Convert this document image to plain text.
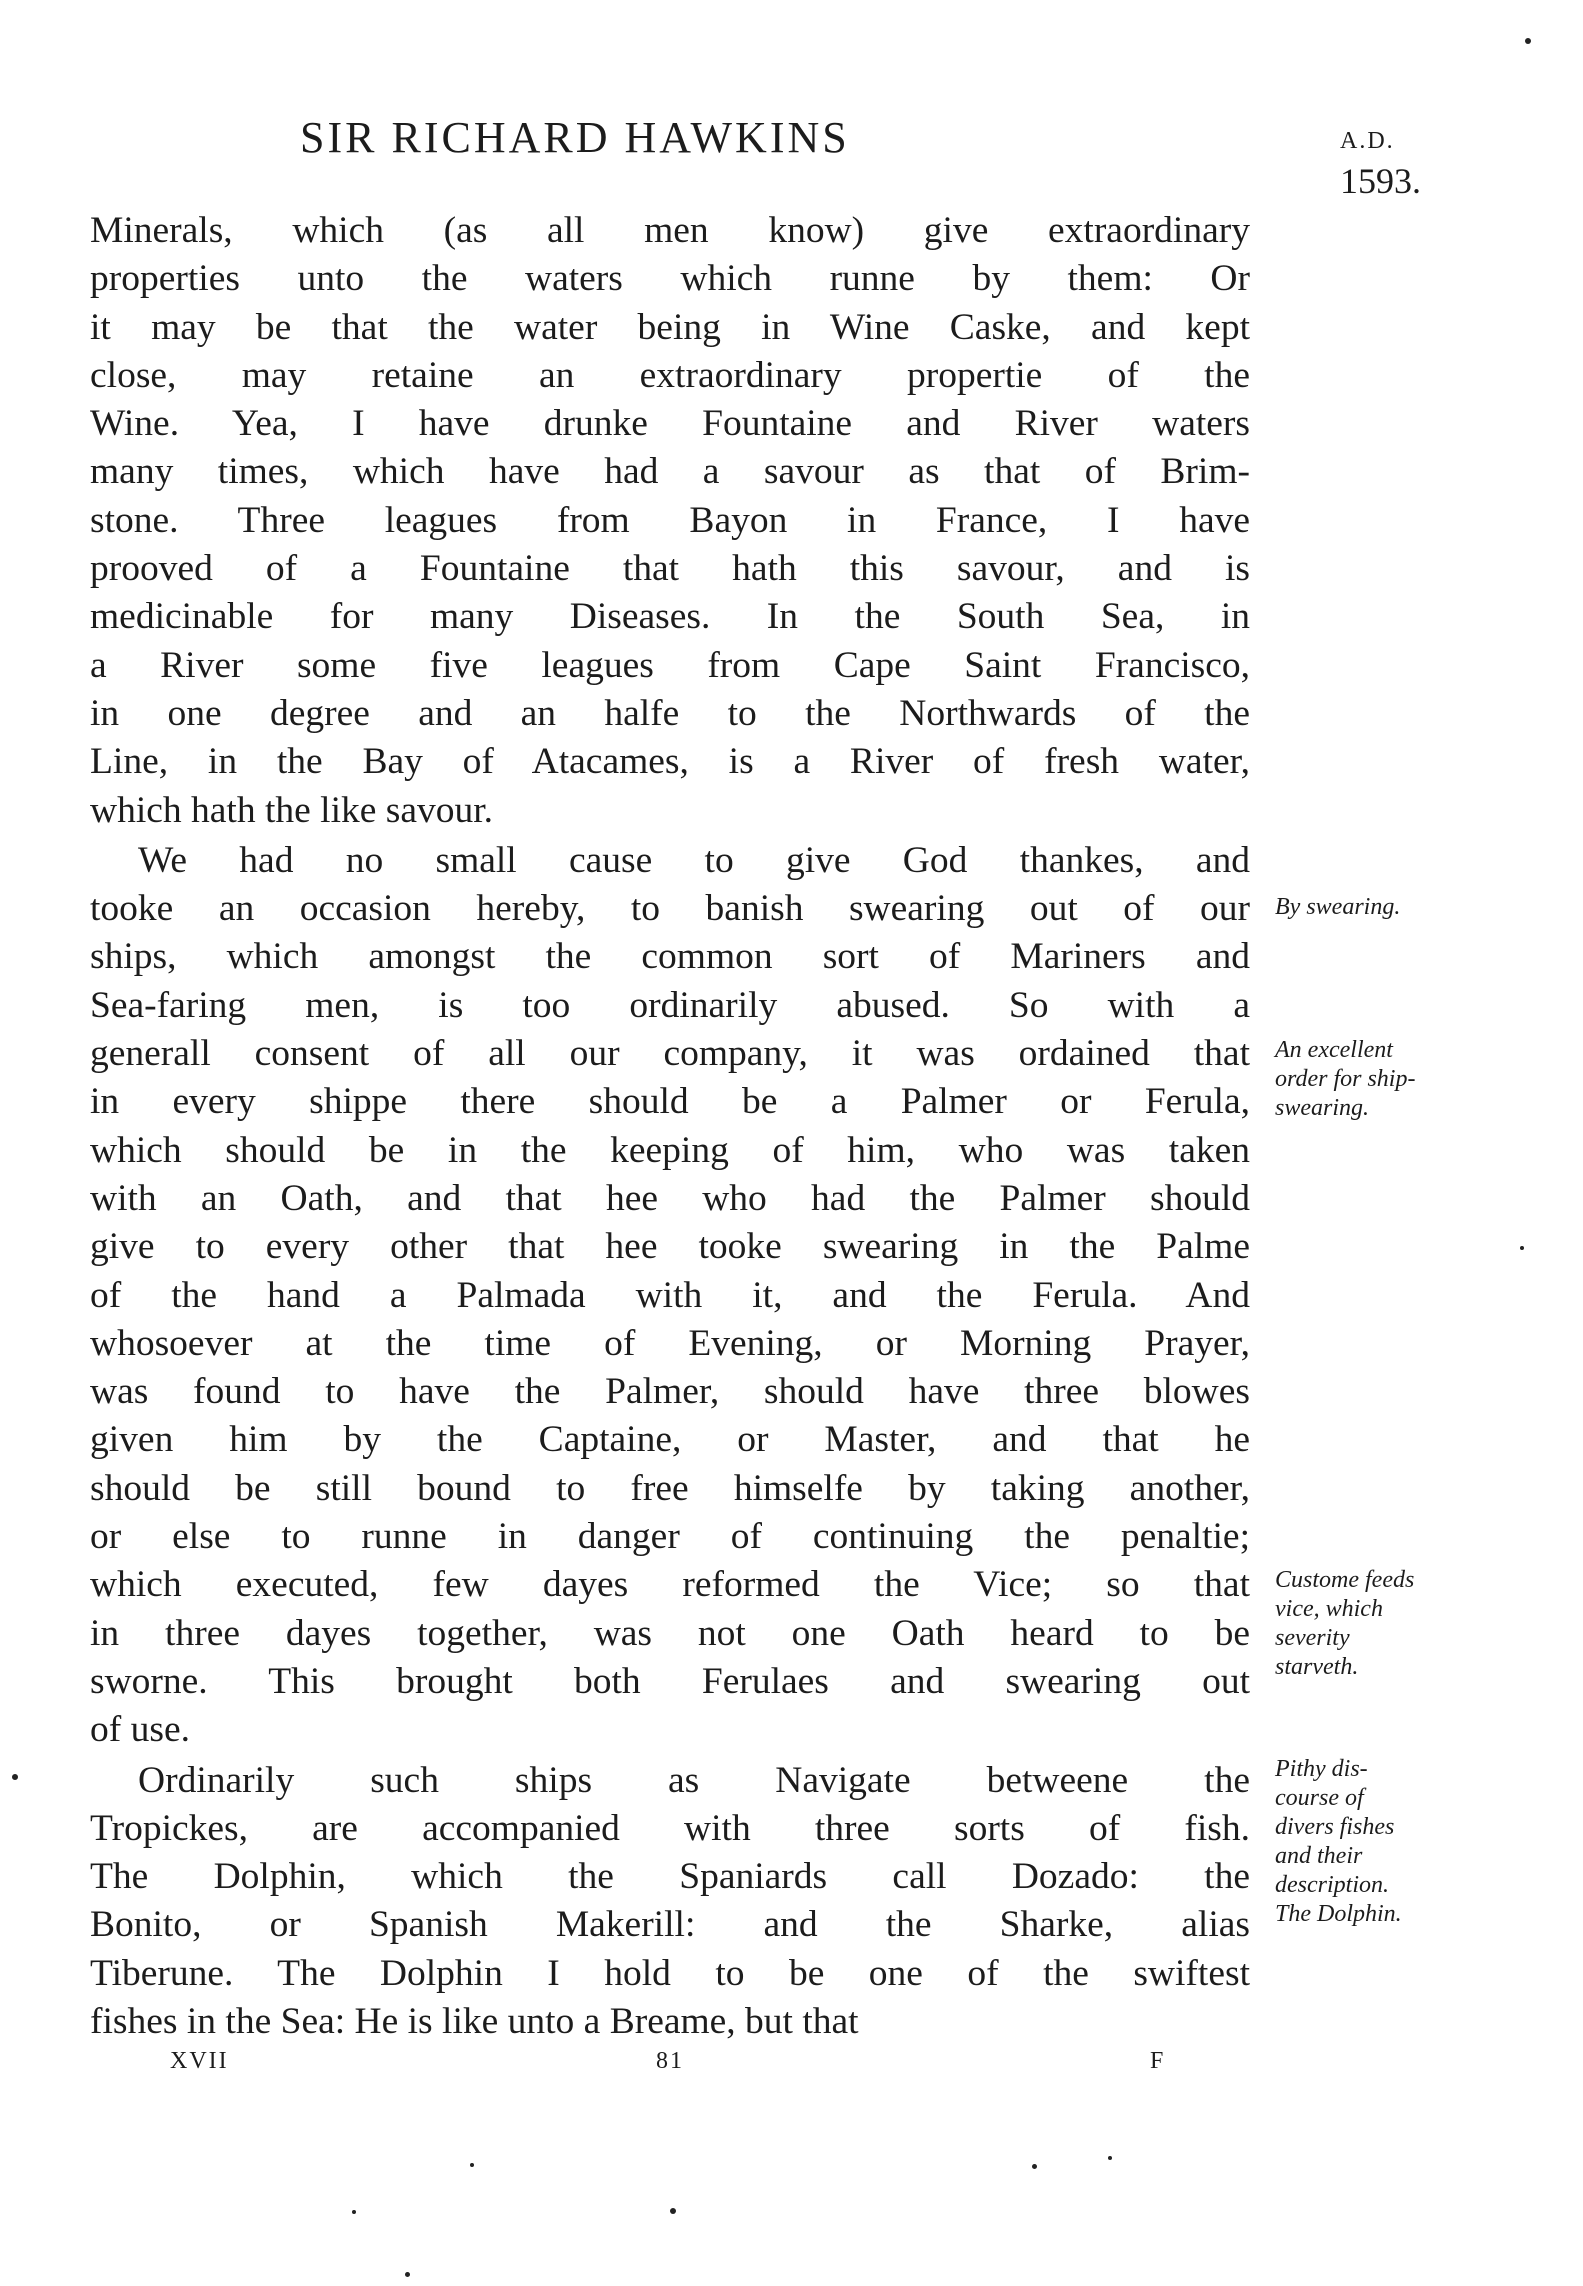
SIR RICHARD HAWKINS	A.D.
1593.
Minerals, which (as all men know) give extraordinary
properties unto the waters which runne by them: Or
it may be that the water being in Wine Caske, and kept
close, may retaine an extraordinary propertie of the
Wine. Yea, I have drunke Fountaine and River waters
many times, which have had a savour as that of Brim-
stone. Three leagues from Bayon in France, I have
prooved of a Fountaine that hath this savour, and is
medicinable for many Diseases. In the South Sea, in
a River some five leagues from Cape Saint Francisco,
in one degree and an halfe to the Northwards of the
Line, in the Bay of Atacames, is a River of fresh water,
which hath the like savour.
We had no small cause to give God thankes, and
tooke an occasion hereby, to banish swearing out of our
ships, which amongst the common sort of Mariners and
Sea-faring men, is too ordinarily abused. So with a
generall consent of all our company, it was ordained that
in every shippe there should be a Palmer or Ferula,
which should be in the keeping of him, who was taken
with an Oath, and that hee who had the Palmer should
give to every other that hee tooke swearing in the Palme
of the hand a Palmada with it, and the Ferula. And
whosoever at the time of Evening, or Morning Prayer,
was found to have the Palmer, should have three blowes
given him by the Captaine, or Master, and that he
should be still bound to free himselfe by taking another,
or else to runne in danger of continuing the penaltie;
which executed, few dayes reformed the Vice; so that
in three dayes together, was not one Oath heard to be
sworne. This brought both Ferulaes and swearing out
of use.
Ordinarily such ships as Navigate betweene the
Tropickes, are accompanied with three sorts of fish.
The Dolphin, which the Spaniards call Dozado: the
Bonito, or Spanish Makerill: and the Sharke, alias
Tiberune. The Dolphin I hold to be one of the swiftest
fishes in the Sea: He is like unto a Breame, but that
By swearing.
An excellent
order for ship-
swearing.
Custome feeds
vice, which
severity
starveth.
Pithy dis-
course of
divers fishes
and their
description.
The Dolphin.
XVII	81	F
